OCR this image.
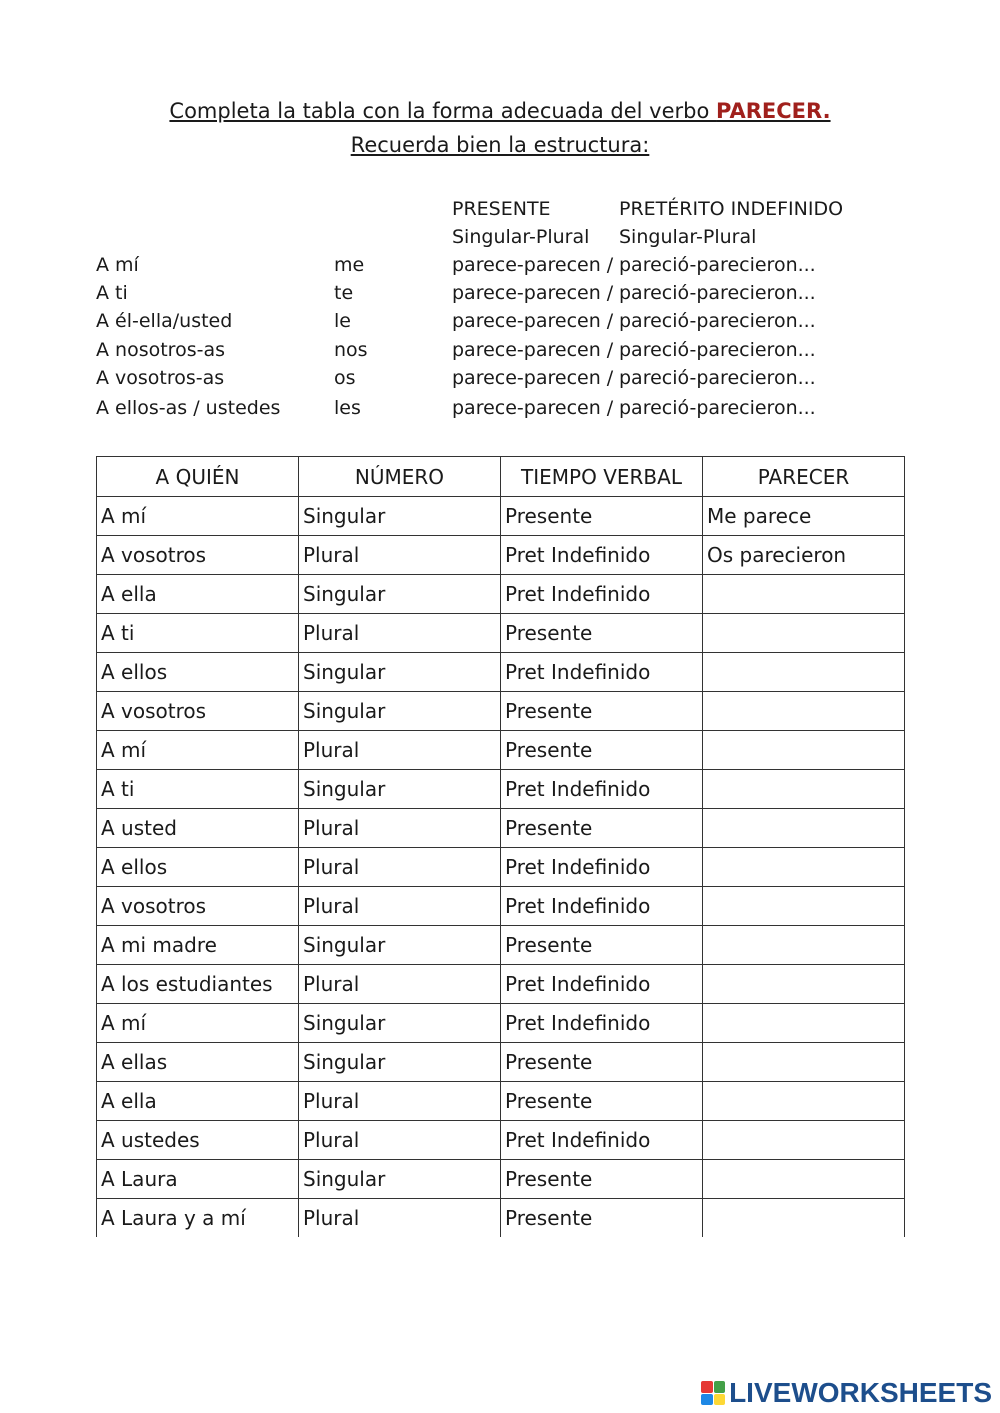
Completa la tabla con la forma adecuada del verbo PARECER.
Recuerda bien la estructura:
PRESENTE	PRETÉRITO INDEFINIDO
Singular-Plural Singular-Plural
A mí	me	parece-parecen / pareció-parecieron...
A ti	te	parece-parecen / pareció-parecieron...
A él-ella/usted	le	parece-parecen / pareció-parecieron...
A nosotros-as	nos	parece-parecen / pareció-parecieron...
A vosotros-as	os	parece-parecen / pareció-parecieron...
A ellos-as / ustedes	les	parece-parecen / pareció-parecieron...
A QUIÉN	NÚMERO	TIEMPO VERBAL	PARECER
A mí	Singular	Presente	Me parece
A vosotros	Plural	Pret Indefinido	Os parecieron
A ella	Singular	Pret Indefinido	
A ti	Plural	Presente	
A ellos	Singular	Pret Indefinido	
A vosotros	Singular	Presente	
A mí	Plural	Presente	
A ti	Singular	Pret Indefinido	
A usted	Plural	Presente	
A ellos	Plural	Pret Indefinido	
A vosotros	Plural	Pret Indefinido	
A mi madre	Singular	Presente	
A los estudiantes	Plural	Pret Indefinido	
A mí	Singular	Pret Indefinido	
A ellas	Singular	Presente	
A ella	Plural	Presente	
A ustedes	Plural	Pret Indefinido	
A Laura	Singular	Presente	
A Laura y a mí	Plural	Presente	
LIVEWORKSHEETS
